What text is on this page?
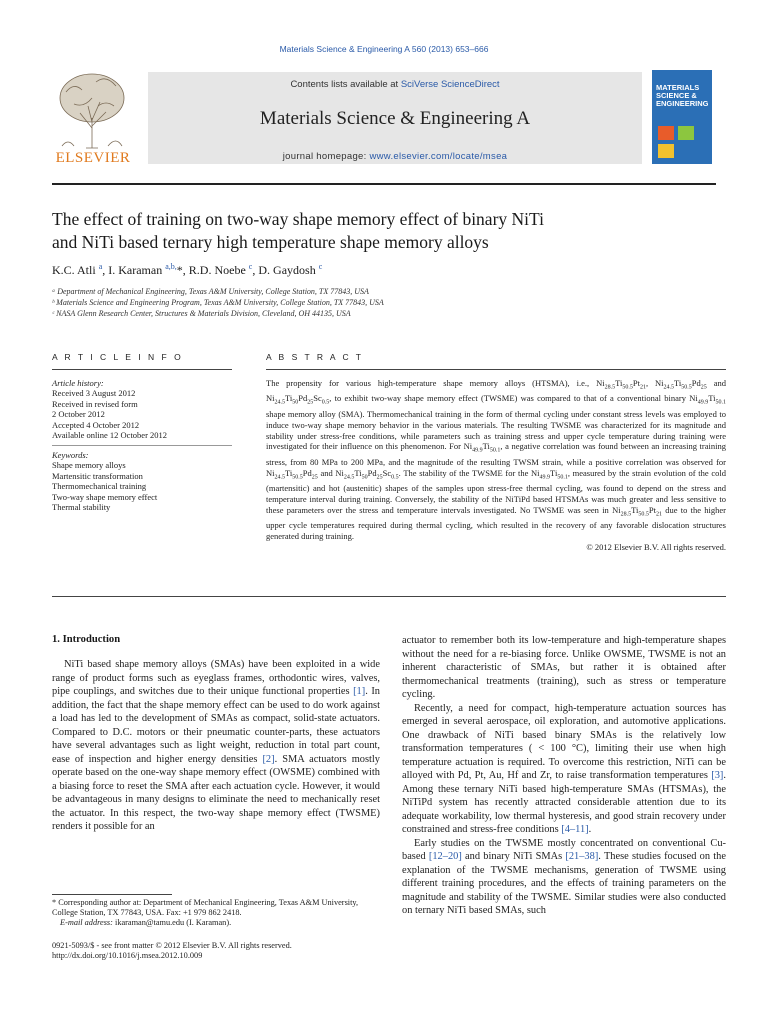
Materials Science & Engineering A 560 (2013) 653–666
ELSEVIER
Contents lists available at SciVerse ScienceDirect
Materials Science & Engineering A
journal homepage: www.elsevier.com/locate/msea
MATERIALS SCIENCE & ENGINEERING
The effect of training on two-way shape memory effect of binary NiTi
and NiTi based ternary high temperature shape memory alloys
K.C. Atli $^a$, I. Karaman $^{a,b,}$*, R.D. Noebe $^c$, D. Gaydosh $^c$
ᵃ Department of Mechanical Engineering, Texas A&M University, College Station, TX 77843, USA
ᵇ Materials Science and Engineering Program, Texas A&M University, College Station, TX 77843, USA
ᶜ NASA Glenn Research Center, Structures & Materials Division, Cleveland, OH 44135, USA
A R T I C L E I N F O	A B S T R A C T
Article history:
Received 3 August 2012
Received in revised form
2 October 2012
Accepted 4 October 2012
Available online 12 October 2012
Keywords:
Shape memory alloys
Martensitic transformation
Thermomechanical training
Two-way shape memory effect
Thermal stability
The propensity for various high-temperature shape memory alloys (HTSMA), i.e., $Ni_{28.5}Ti_{50.5}Pt_{21}$, $Ni_{24.5}Ti_{50.5}Pd_{25}$ and $Ni_{24.5}Ti_{50}Pd_{25}Sc_{0.5}$, to exhibit two-way shape memory effect (TWSME) was compared to that of a conventional binary $Ni_{49.9}Ti_{50.1}$ shape memory alloy (SMA). Thermomechanical training in the form of thermal cycling under constant stress levels was employed to induce two-way shape memory behavior in the various materials. The resulting TWSME was characterized for its magnitude and stability under stress-free conditions, while parameters such as training stress and upper cycle temperature during training were investigated for their influence on this phenomenon. For $Ni_{49.9}Ti_{50.1}$, a negative correlation was found between an increasing training stress, from 80 MPa to 200 MPa, and the magnitude of the resulting TWSM strain, while a positive correlation was observed for $Ni_{24.5}Ti_{50.5}Pd_{25}$ and $Ni_{24.5}Ti_{50}Pd_{25}Sc_{0.5}$. The stability of the TWSME for the $Ni_{49.9}Ti_{50.1}$, measured by the strain evolution of the cold (martensitic) and hot (austenitic) shapes of the samples upon stress-free thermal cycling, was found to depend on the stress and temperature interval during training. Conversely, the stability of the NiTiPd based HTSMAs was much greater and less sensitive to these parameters over the stress and temperature intervals investigated. No TWSME was seen in $Ni_{28.5}Ti_{50.5}Pt_{21}$ due to the higher upper cycle temperatures required during thermal cycling, which resulted in the recovery of any favorable dislocation structures generated during training.
© 2012 Elsevier B.V. All rights reserved.
1. Introduction

NiTi based shape memory alloys (SMAs) have been exploited in a wide range of product forms such as eyeglass frames, orthodontic wires, valves, pipe couplings, and switches due to their unique functional properties [1]. In addition, the fact that the shape memory effect can be used to do work against a load has led to the development of SMAs as compact, solid-state actuators. Compared to D.C. motors or their pneumatic counter-parts, these actuators have several advantages such as light weight, reduction in total part count, ease of inspection and higher energy densities [2]. SMA actuators mostly operate based on the one-way shape memory effect (OWSME) combined with a biasing force to reset the SMA after each actuation cycle. However, it would be advantageous in many designs to eliminate the need to mechanically reset the actuator. In this respect, the two-way shape memory effect (TWSME) renders it possible for an

actuator to remember both its low-temperature and high-temperature shapes without the need for a re-biasing force. Unlike OWSME, TWSME is not an inherent characteristic of SMAs, but rather it is obtained after thermomechanical treatments (training), such as stress or temperature cycling.

Recently, a need for compact, high-temperature actuation sources has emerged in several aerospace, oil exploration, and automotive applications. One drawback of NiTi based binary SMAs is the relatively low transformation temperatures ( < 100 °C), limiting their use when high temperature actuation is required. To overcome this restriction, NiTi can be alloyed with Pd, Pt, Au, Hf and Zr, to raise transformation temperatures [3]. Among these ternary NiTi based high-temperature SMAs (HTSMAs), the NiTiPd system has recently attracted considerable attention due to its adequate workability, low thermal hysteresis, and good strain recovery under constrained and stress-free conditions [4–11].

Early studies on the TWSME mostly concentrated on conventional Cu-based [12–20] and binary NiTi SMAs [21–38]. These studies focused on the explanation of the TWSME mechanisms, generation of TWSME using different training procedures, and the effects of training parameters on the magnitude and stability of the TWSME. Similar studies were also conducted on ternary NiTi based SMAs, such

* Corresponding author at: Department of Mechanical Engineering, Texas A&M University, College Station, TX 77843, USA. Fax: +1 979 862 2418.

E-mail address: ikaraman@tamu.edu (I. Karaman).

0921-5093/$ - see front matter © 2012 Elsevier B.V. All rights reserved.
http://dx.doi.org/10.1016/j.msea.2012.10.009
